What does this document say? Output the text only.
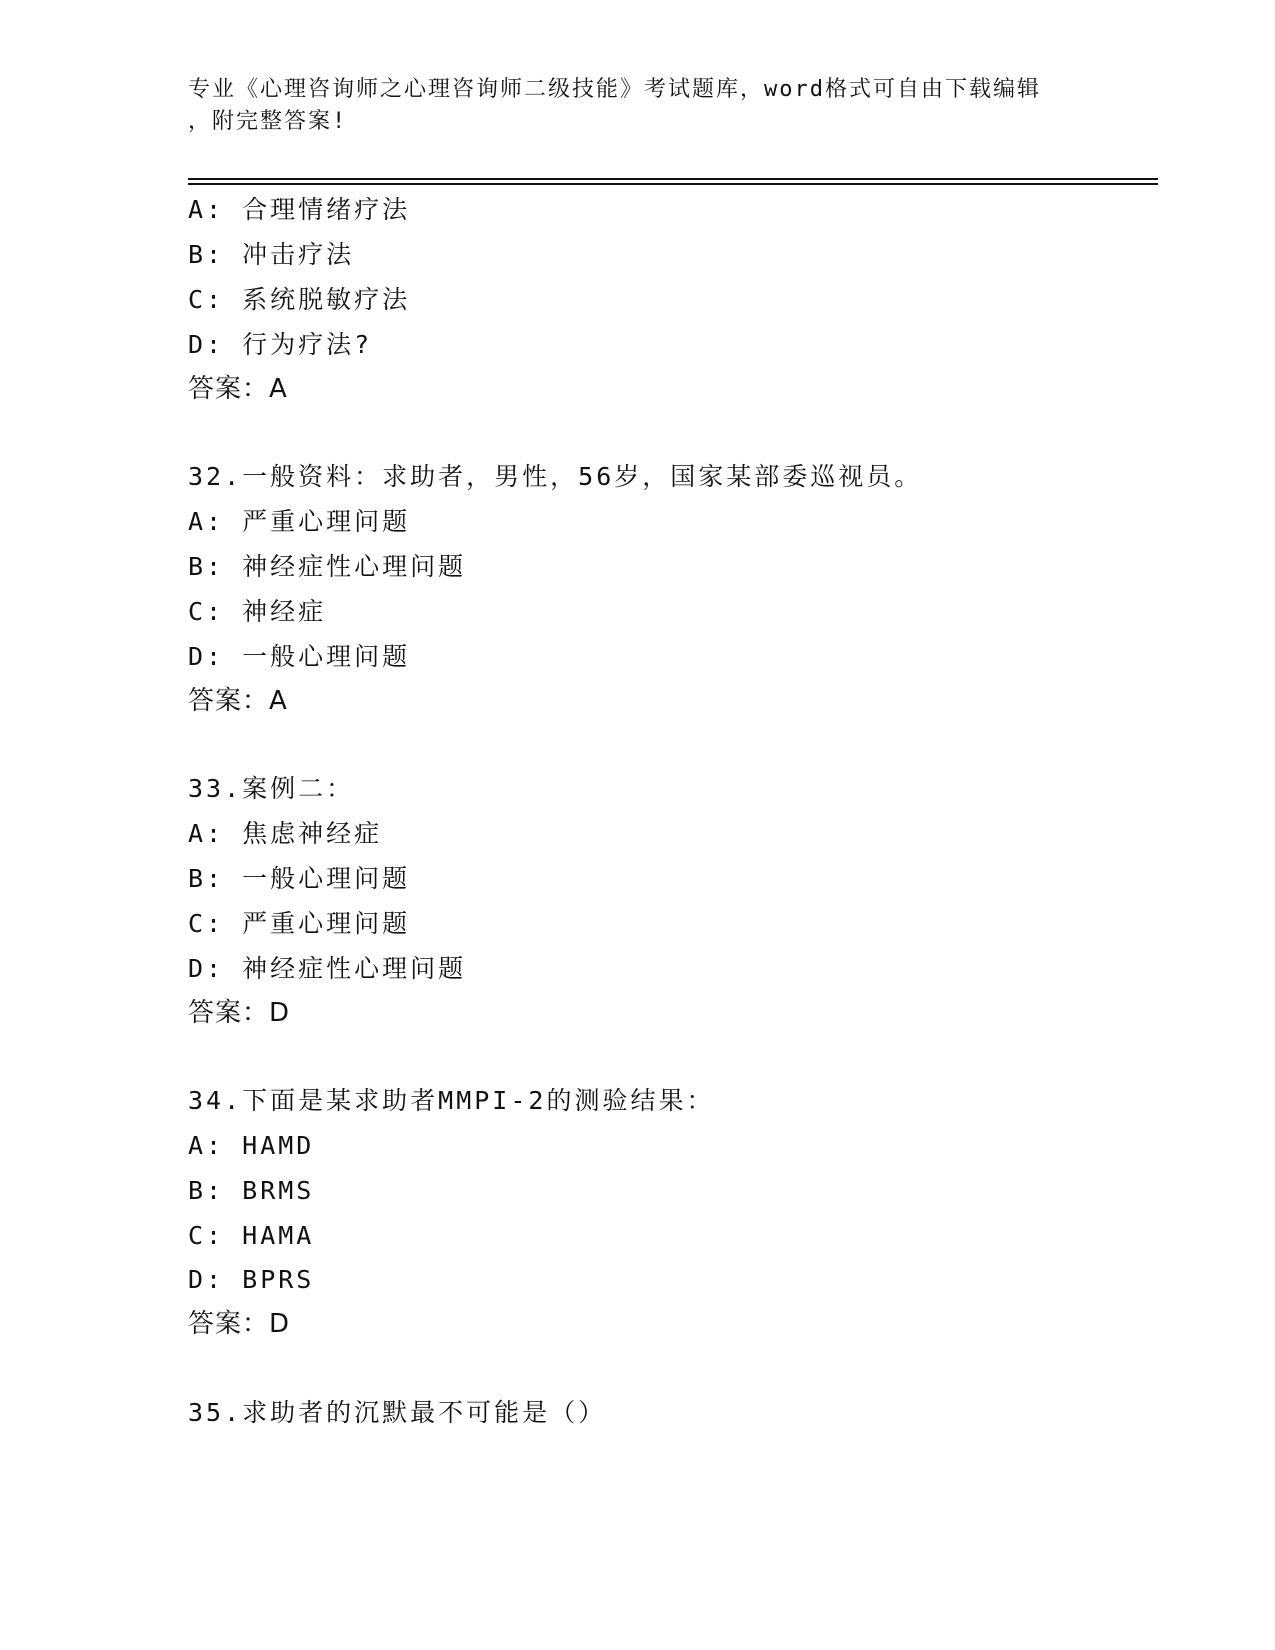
专业《心理咨询师之心理咨询师二级技能》考试题库，word格式可自由下载编辑
，附完整答案!
A: 合理情绪疗法
B: 冲击疗法
C: 系统脱敏疗法
D: 行为疗法?
答案：A
32.一般资料：求助者，男性，56岁，国家某部委巡视员。
A: 严重心理问题
B: 神经症性心理问题
C: 神经症
D: 一般心理问题
答案：A
33.案例二：
A: 焦虑神经症
B: 一般心理问题
C: 严重心理问题
D: 神经症性心理问题
答案：D
34.下面是某求助者MMPI-2的测验结果：
A: HAMD
B: BRMS
C: HAMA
D: BPRS
答案：D
35.求助者的沉默最不可能是（）
